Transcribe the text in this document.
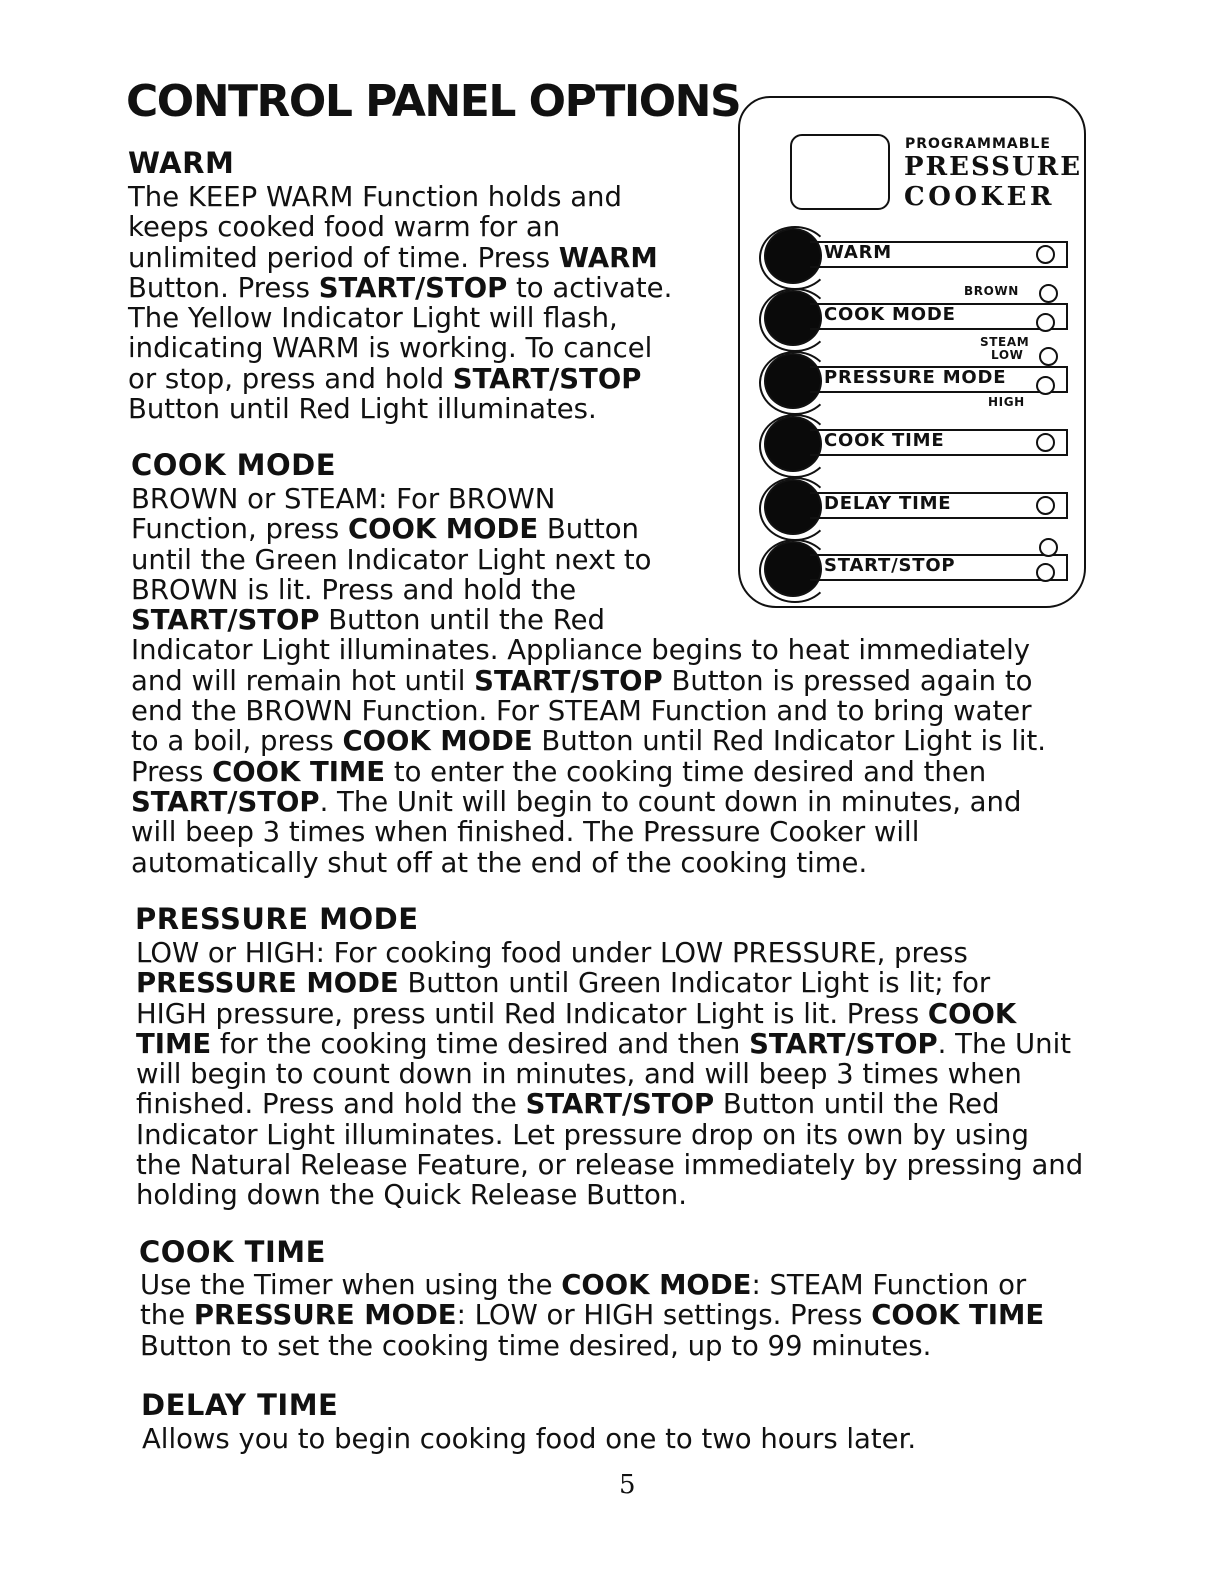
CONTROL PANEL OPTIONS
WARM
The KEEP WARM Function holds and
keeps cooked food warm for an
unlimited period of time. Press WARM
Button. Press START/STOP to activate.
The Yellow Indicator Light will flash,
indicating WARM is working. To cancel
or stop, press and hold START/STOP
Button until Red Light illuminates.
COOK MODE
BROWN or STEAM: For BROWN
Function, press COOK MODE Button
until the Green Indicator Light next to
BROWN is lit. Press and hold the
START/STOP Button until the Red
Indicator Light illuminates. Appliance begins to heat immediately
and will remain hot until START/STOP Button is pressed again to
end the BROWN Function. For STEAM Function and to bring water
to a boil, press COOK MODE Button until Red Indicator Light is lit.
Press COOK TIME to enter the cooking time desired and then
START/STOP. The Unit will begin to count down in minutes, and
will beep 3 times when finished. The Pressure Cooker will
automatically shut off at the end of the cooking time.
PRESSURE MODE
LOW or HIGH: For cooking food under LOW PRESSURE, press
PRESSURE MODE Button until Green Indicator Light is lit; for
HIGH pressure, press until Red Indicator Light is lit. Press COOK
TIME for the cooking time desired and then START/STOP. The Unit
will begin to count down in minutes, and will beep 3 times when
finished. Press and hold the START/STOP Button until the Red
Indicator Light illuminates. Let pressure drop on its own by using
the Natural Release Feature, or release immediately by pressing and
holding down the Quick Release Button.
COOK TIME
Use the Timer when using the COOK MODE: STEAM Function or
the PRESSURE MODE: LOW or HIGH settings. Press COOK TIME
Button to set the cooking time desired, up to 99 minutes.
DELAY TIME
Allows you to begin cooking food one to two hours later.
5
PROGRAMMABLE
PRESSURE
COOKER
WARM
COOK MODE
BROWN
STEAM
PRESSURE MODE
LOW
HIGH
COOK TIME
DELAY TIME
START/STOP
